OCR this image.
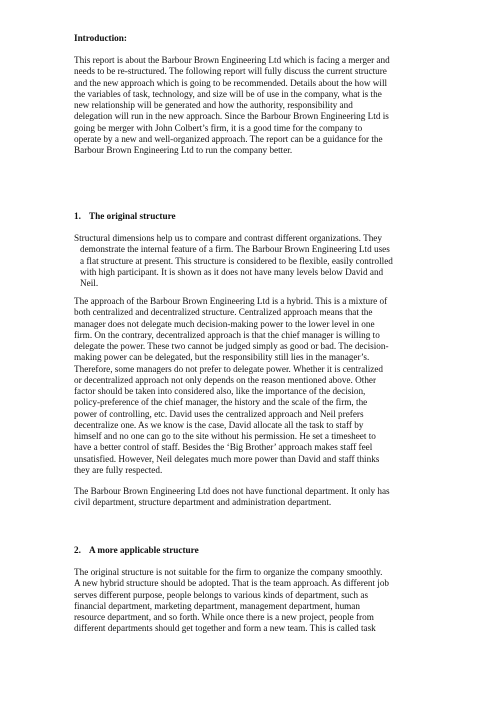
Introduction:
This report is about the Barbour Brown Engineering Ltd which is facing a merger and
needs to be re-structured. The following report will fully discuss the current structure
and the new approach which is going to be recommended. Details about the how will
the variables of task, technology, and size will be of use in the company, what is the
new relationship will be generated and how the authority, responsibility and
delegation will run in the new approach. Since the Barbour Brown Engineering Ltd is
going be merger with John Colbert’s firm, it is a good time for the company to
operate by a new and well-organized approach. The report can be a guidance for the
Barbour Brown Engineering Ltd to run the company better.
1. The original structure
Structural dimensions help us to compare and contrast different organizations. They
demonstrate the internal feature of a firm. The Barbour Brown Engineering Ltd uses
a flat structure at present. This structure is considered to be flexible, easily controlled
with high participant. It is shown as it does not have many levels below David and
Neil.
The approach of the Barbour Brown Engineering Ltd is a hybrid. This is a mixture of
both centralized and decentralized structure. Centralized approach means that the
manager does not delegate much decision-making power to the lower level in one
firm. On the contrary, decentralized approach is that the chief manager is willing to
delegate the power. These two cannot be judged simply as good or bad. The decision-
making power can be delegated, but the responsibility still lies in the manager’s.
Therefore, some managers do not prefer to delegate power. Whether it is centralized
or decentralized approach not only depends on the reason mentioned above. Other
factor should be taken into considered also, like the importance of the decision,
policy-preference of the chief manager, the history and the scale of the firm, the
power of controlling, etc. David uses the centralized approach and Neil prefers
decentralize one. As we know is the case, David allocate all the task to staff by
himself and no one can go to the site without his permission. He set a timesheet to
have a better control of staff. Besides the ‘Big Brother’ approach makes staff feel
unsatisfied. However, Neil delegates much more power than David and staff thinks
they are fully respected.
The Barbour Brown Engineering Ltd does not have functional department. It only has
civil department, structure department and administration department.
2. A more applicable structure
The original structure is not suitable for the firm to organize the company smoothly.
A new hybrid structure should be adopted. That is the team approach. As different job
serves different purpose, people belongs to various kinds of department, such as
financial department, marketing department, management department, human
resource department, and so forth. While once there is a new project, people from
different departments should get together and form a new team. This is called task
